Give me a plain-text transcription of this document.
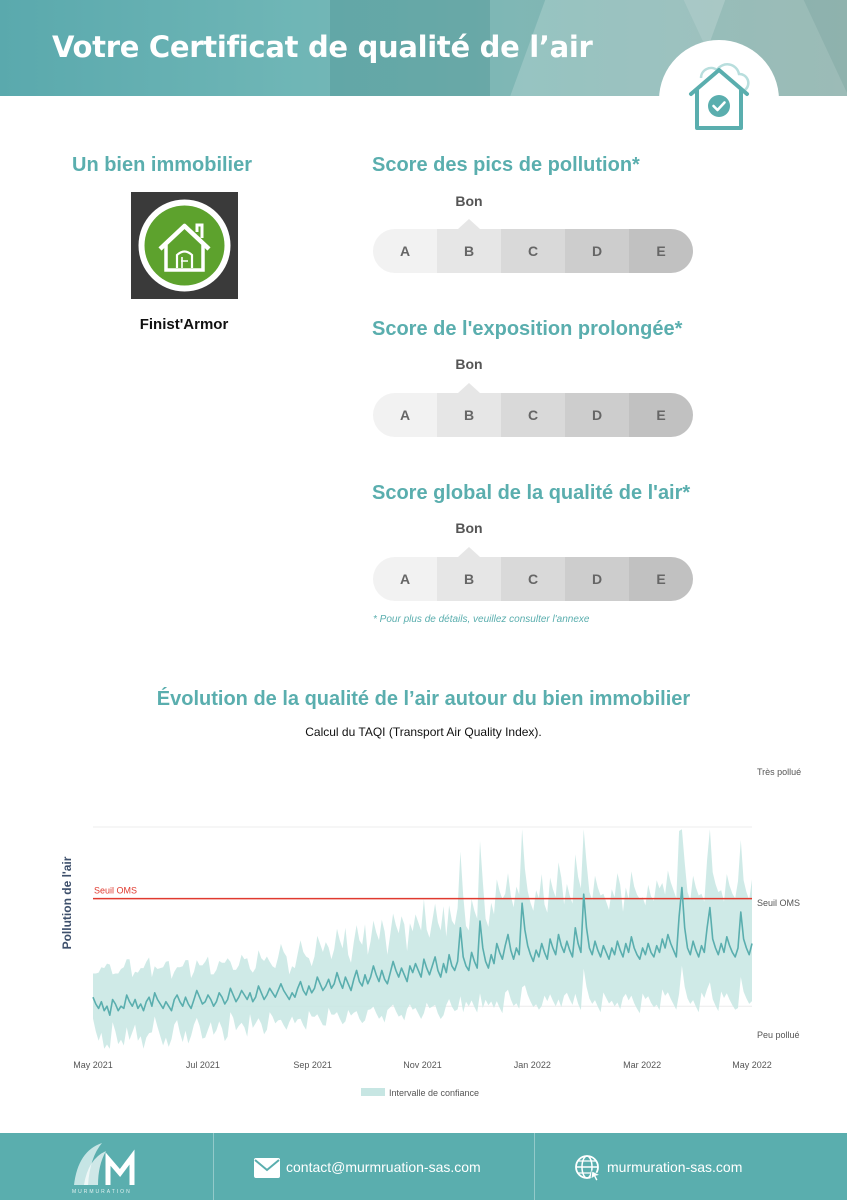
Votre Certificat de qualité de l’air
Un bien immobilier
Finist'Armor
Score des pics de pollution*
Bon
A	B	C	D	E
Score de l'exposition prolongée*
Bon
A	B	C	D	E
Score global de la qualité de l'air*
Bon
A	B	C	D	E
* Pour plus de détails, veuillez consulter l'annexe
Évolution de la qualité de l’air autour du bien immobilier
Calcul du TAQI (Transport Air Quality Index).
Seuil OMS
Pollution de l'air
Très pollué
Seuil OMS
Peu pollué
May 2021	Jul 2021	Sep 2021	Nov 2021	Jan 2022	Mar 2022	May 2022
Intervalle de confiance
MURMURATION
contact@murmruation-sas.com	murmuration-sas.com
